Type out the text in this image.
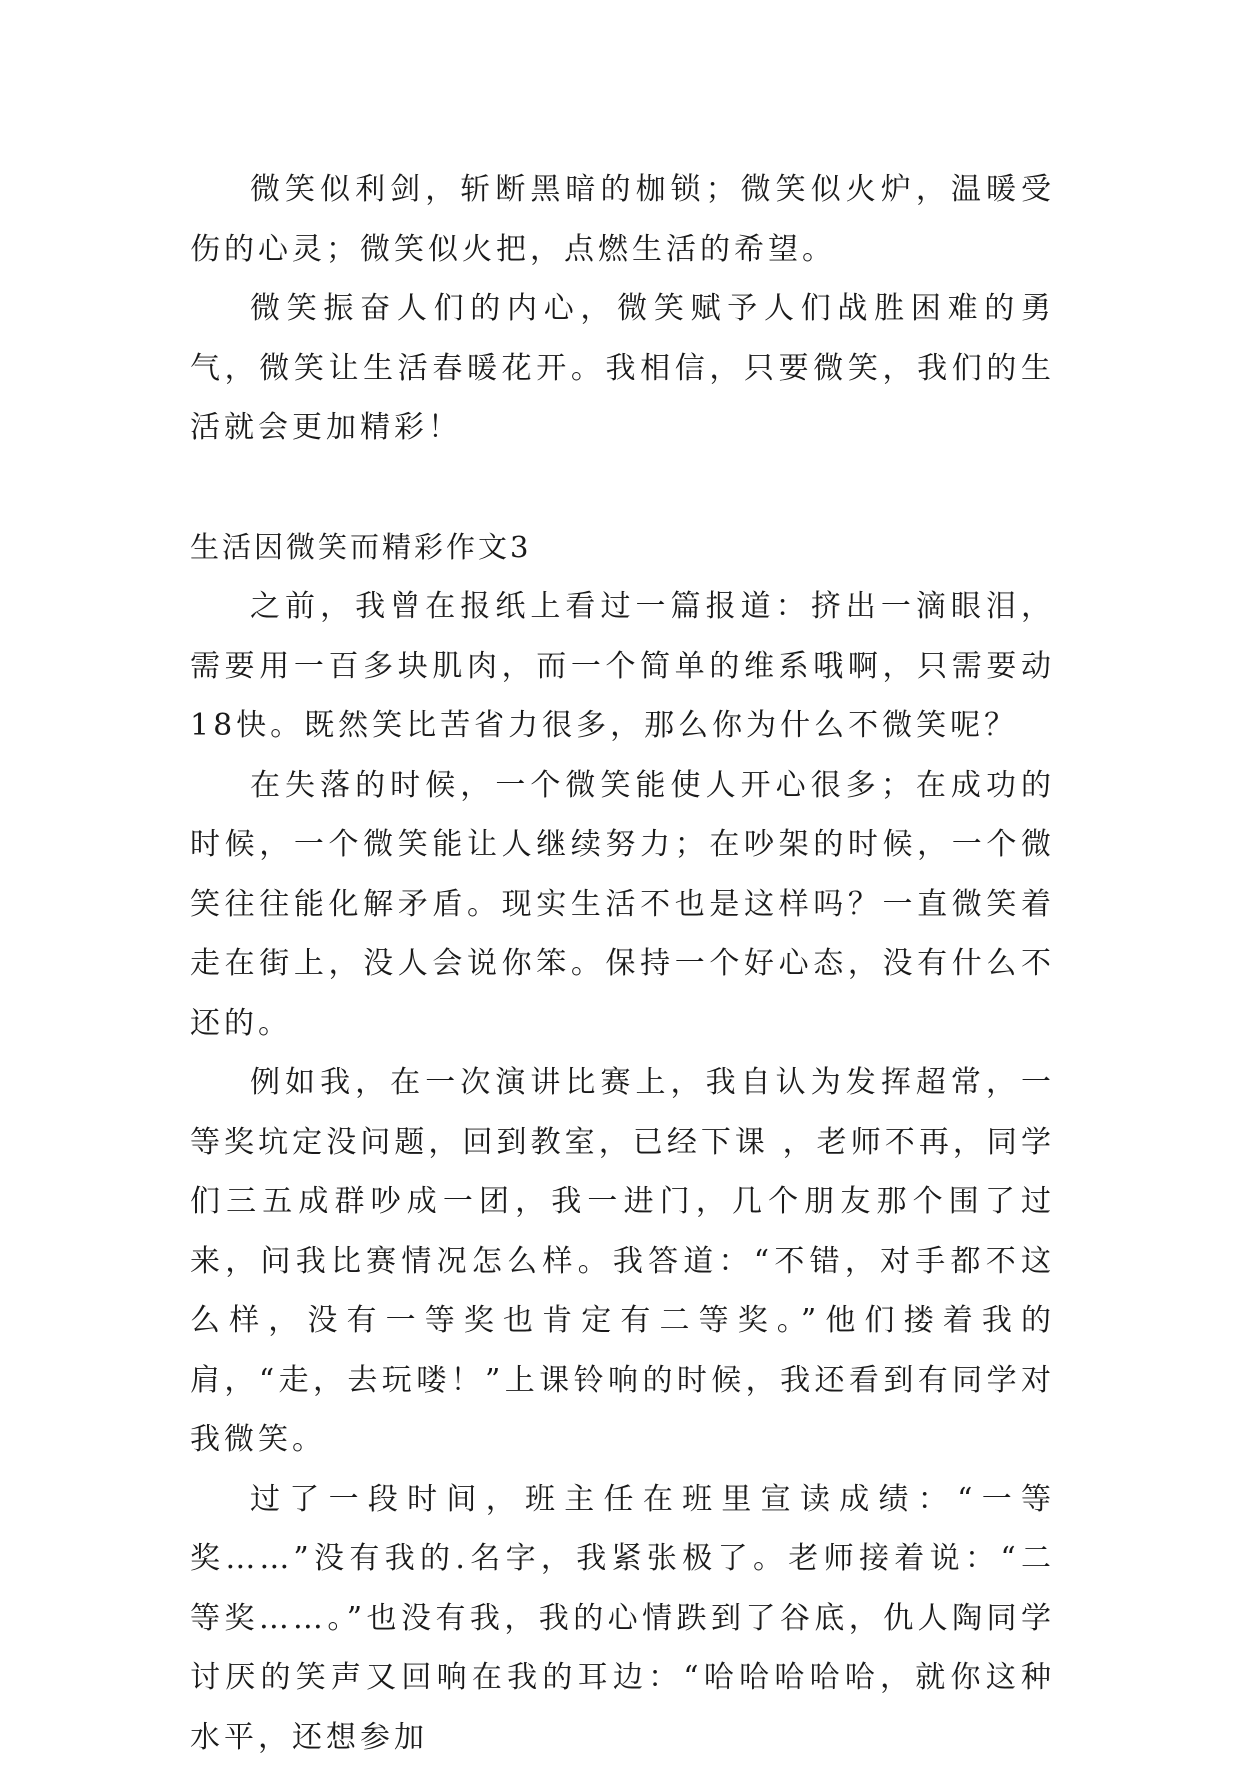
微笑似利剑，斩断黑暗的枷锁；微笑似火炉，温暖受伤的心灵；微笑似火把，点燃生活的希望。

微笑振奋人们的内心，微笑赋予人们战胜困难的勇气，微笑让生活春暖花开。我相信，只要微笑，我们的生活就会更加精彩！

生活因微笑而精彩作文3

之前，我曾在报纸上看过一篇报道：挤出一滴眼泪，需要用一百多块肌肉，而一个简单的维系哦啊，只需要动18快。既然笑比苦省力很多，那么你为什么不微笑呢？

在失落的时候，一个微笑能使人开心很多；在成功的时候，一个微笑能让人继续努力；在吵架的时候，一个微笑往往能化解矛盾。现实生活不也是这样吗？一直微笑着走在街上，没人会说你笨。保持一个好心态，没有什么不还的。

例如我，在一次演讲比赛上，我自认为发挥超常，一等奖坑定没问题，回到教室，已经下课 ，老师不再，同学们三五成群吵成一团，我一进门，几个朋友那个围了过来，问我比赛情况怎么样。我答道：“不错，对手都不这么样，没有一等奖也肯定有二等奖。”他们搂着我的肩，“走，去玩喽！”上课铃响的时候，我还看到有同学对我微笑。

过了一段时间，班主任在班里宣读成绩：“一等奖……”没有我的.名字，我紧张极了。老师接着说：“二等奖……。”也没有我，我的心情跌到了谷底，仇人陶同学讨厌的笑声又回响在我的耳边：“哈哈哈哈哈，就你这种水平，还想参加
